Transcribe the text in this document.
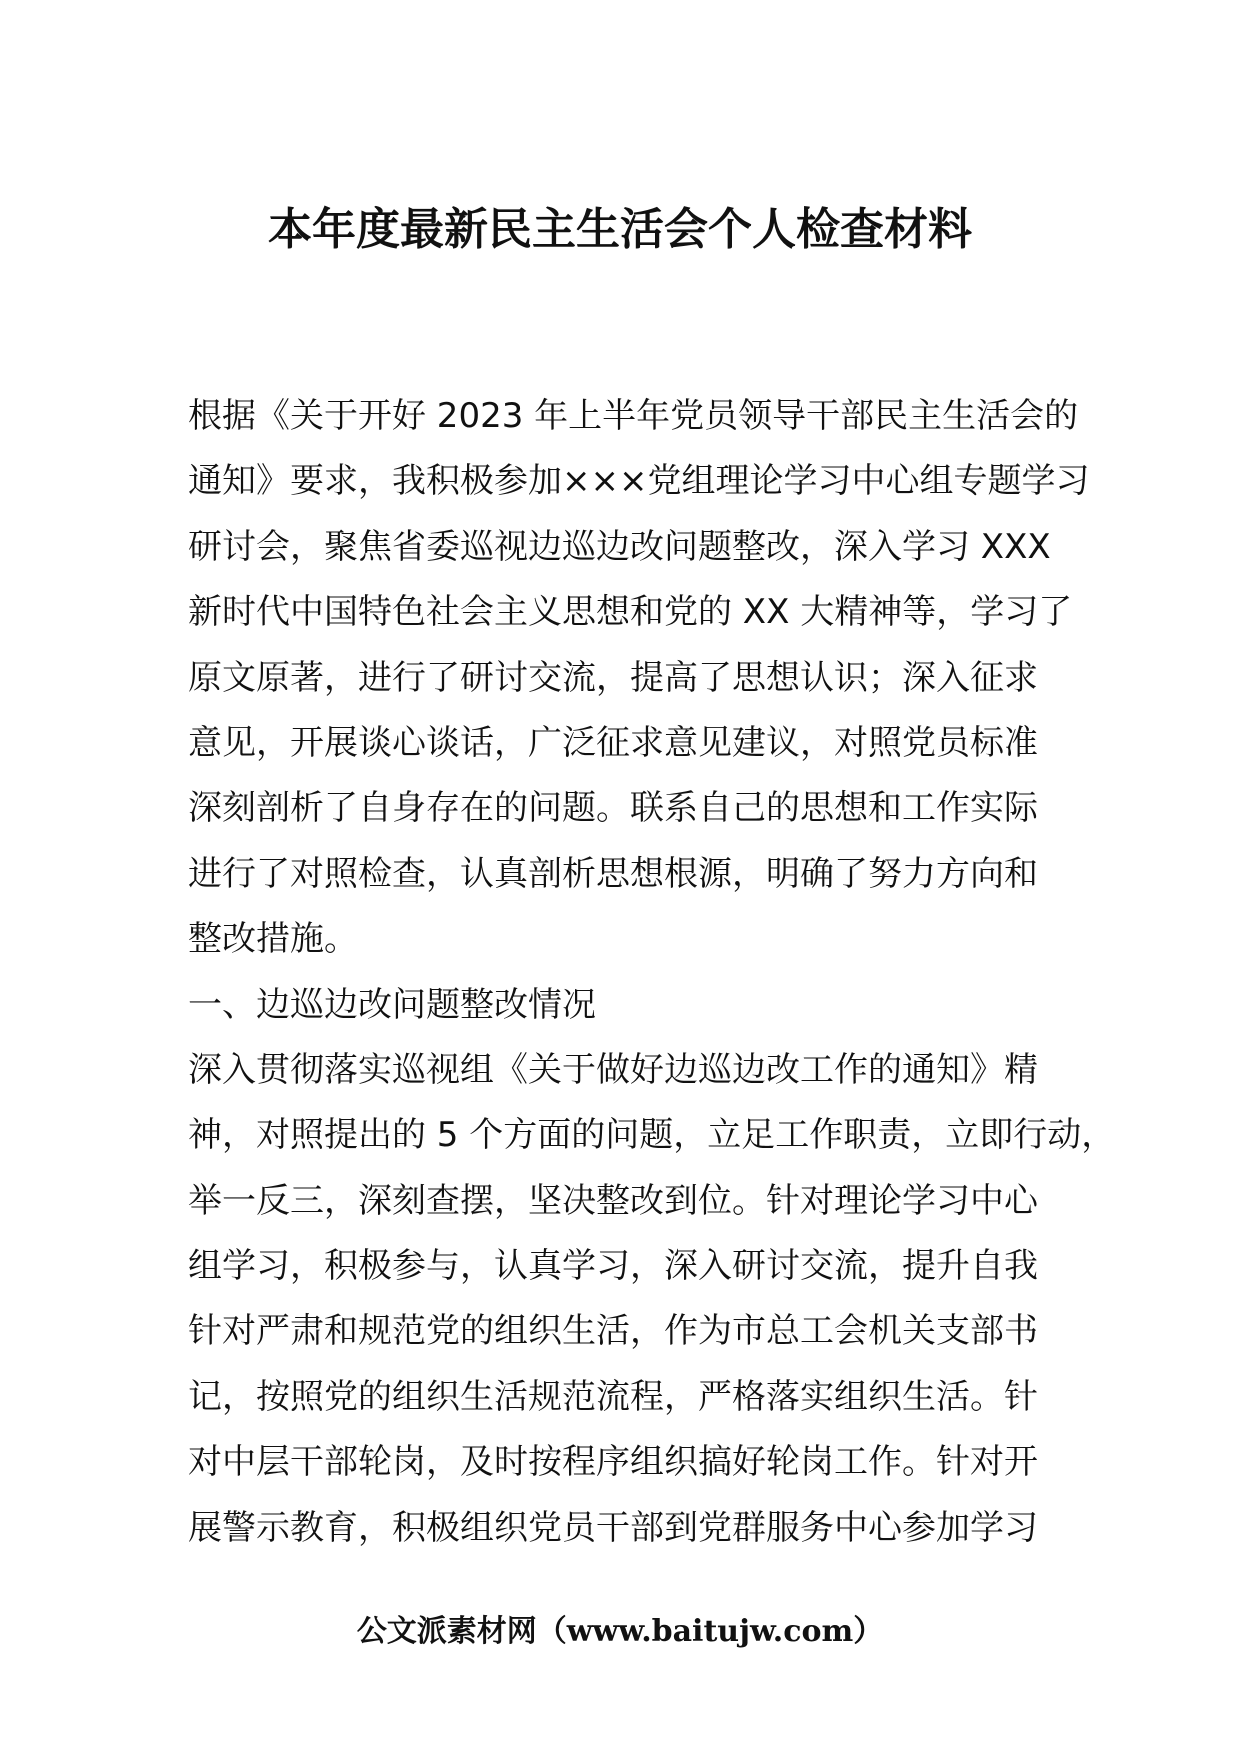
本年度最新民主生活会个人检查材料
根据《关于开好 2023 年上半年党员领导干部民主生活会的
通知》要求，我积极参加×××党组理论学习中心组专题学习
研讨会，聚焦省委巡视边巡边改问题整改，深入学习 XXX
新时代中国特色社会主义思想和党的 XX 大精神等，学习了
原文原著，进行了研讨交流，提高了思想认识；深入征求
意见，开展谈心谈话，广泛征求意见建议，对照党员标准
深刻剖析了自身存在的问题。联系自己的思想和工作实际
进行了对照检查，认真剖析思想根源，明确了努力方向和
整改措施。
一、边巡边改问题整改情况
深入贯彻落实巡视组《关于做好边巡边改工作的通知》精
神，对照提出的 5 个方面的问题，立足工作职责，立即行动，
举一反三，深刻查摆，坚决整改到位。针对理论学习中心
组学习，积极参与，认真学习，深入研讨交流，提升自我
针对严肃和规范党的组织生活，作为市总工会机关支部书
记，按照党的组织生活规范流程，严格落实组织生活。针
对中层干部轮岗，及时按程序组织搞好轮岗工作。针对开
展警示教育，积极组织党员干部到党群服务中心参加学习
公文派素材网（www.baitujw.com）
